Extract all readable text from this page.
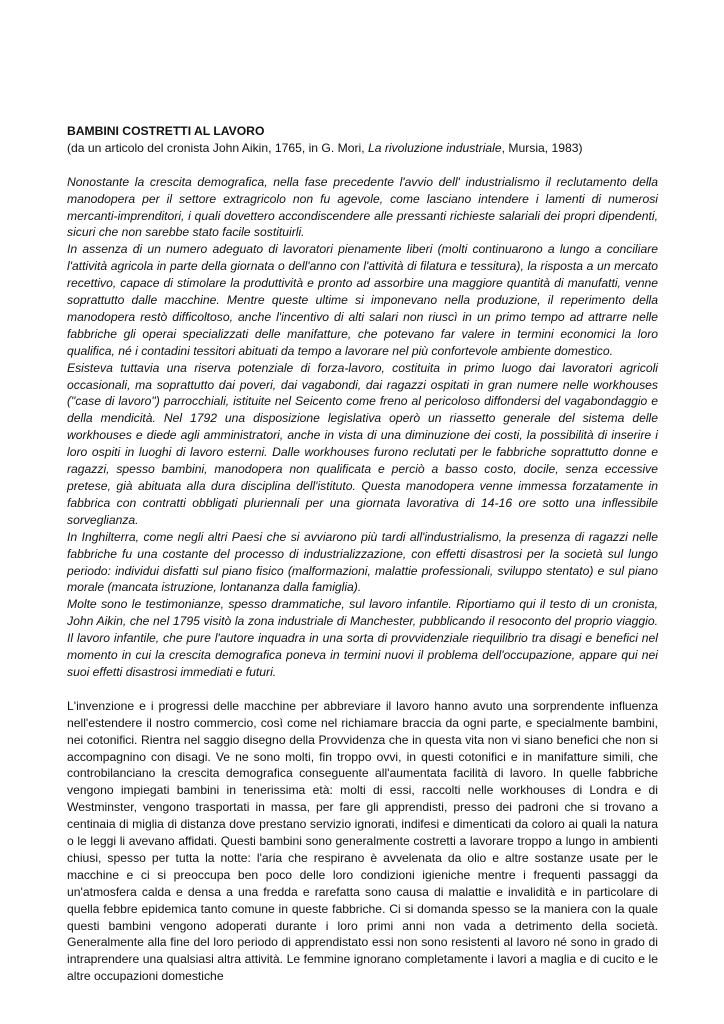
BAMBINI COSTRETTI AL LAVORO

(da un articolo del cronista John Aikin, 1765, in G. Mori, La rivoluzione industriale, Mursia, 1983)

Nonostante la crescita demografica, nella fase precedente l'avvio dell' industrialismo il reclutamento della manodopera per il settore extragricolo non fu agevole, come lasciano intendere i lamenti di numerosi mercanti-imprenditori, i quali dovettero accondiscendere alle pressanti richieste salariali dei propri dipendenti, sicuri che non sarebbe stato facile sostituirli.

In assenza di un numero adeguato di lavoratori pienamente liberi (molti continuarono a lungo a conciliare l'attività agricola in parte della giornata o dell'anno con l'attività di filatura e tessitura), la risposta a un mercato recettivo, capace di stimolare la produttività e pronto ad assorbire una maggiore quantità di manufatti, venne soprattutto dalle macchine. Mentre queste ultime si imponevano nella produzione, il reperimento della manodopera restò difficoltoso, anche l'incentivo di alti salari non riuscì in un primo tempo ad attrarre nelle fabbriche gli operai specializzati delle manifatture, che potevano far valere in termini economici la loro qualifica, né i contadini tessitori abituati da tempo a lavorare nel più confortevole ambiente domestico.

Esisteva tuttavia una riserva potenziale di forza-lavoro, costituita in primo luogo dai lavoratori agricoli occasionali, ma soprattutto dai poveri, dai vagabondi, dai ragazzi ospitati in gran numere nelle workhouses ("case di lavoro") parrocchiali, istituite nel Seicento come freno al pericoloso diffondersi del vagabondaggio e della mendicità. Nel 1792 una disposizione legislativa operò un riassetto generale del sistema delle workhouses e diede agli amministratori, anche in vista di una diminuzione dei costi, la possibilità di inserire i loro ospiti in luoghi di lavoro esterni. Dalle workhouses furono reclutati per le fabbriche soprattutto donne e ragazzi, spesso bambini, manodopera non qualificata e perciò a basso costo, docile, senza eccessive pretese, già abituata alla dura disciplina dell'istituto. Questa manodopera venne immessa forzatamente in fabbrica con contratti obbligati pluriennali per una giornata lavorativa di 14-16 ore sotto una inflessibile sorveglianza.

In Inghilterra, come negli altri Paesi che si avviarono più tardi all'industrialismo, la presenza di ragazzi nelle fabbriche fu una costante del processo di industrializzazione, con effetti disastrosi per la società sul lungo periodo: individui disfatti sul piano fisico (malformazioni, malattie professionali, sviluppo stentato) e sul piano morale (mancata istruzione, lontananza dalla famiglia).

Molte sono le testimonianze, spesso drammatiche, sul lavoro infantile. Riportiamo qui il testo di un cronista, John Aikin, che nel 1795 visitò la zona industriale di Manchester, pubblicando il resoconto del proprio viaggio. Il lavoro infantile, che pure l'autore inquadra in una sorta di provvidenziale riequilibrio tra disagi e benefici nel momento in cui la crescita demografica poneva in termini nuovi il problema dell'occupazione, appare qui nei suoi effetti disastrosi immediati e futuri.

L'invenzione e i progressi delle macchine per abbreviare il lavoro hanno avuto una sorprendente influenza nell'estendere il nostro commercio, così come nel richiamare braccia da ogni parte, e specialmente bambini, nei cotonifici. Rientra nel saggio disegno della Provvidenza che in questa vita non vi siano benefici che non si accompagnino con disagi. Ve ne sono molti, fin troppo ovvi, in questi cotonifici e in manifatture simili, che controbilanciano la crescita demografica conseguente all'aumentata facilità di lavoro. In quelle fabbriche vengono impiegati bambini in tenerissima età: molti di essi, raccolti nelle workhouses di Londra e di Westminster, vengono trasportati in massa, per fare gli apprendisti, presso dei padroni che si trovano a centinaia di miglia di distanza dove prestano servizio ignorati, indifesi e dimenticati da coloro ai quali la natura o le leggi li avevano affidati. Questi bambini sono generalmente costretti a lavorare troppo a lungo in ambienti chiusi, spesso per tutta la notte: l'aria che respirano è avvelenata da olio e altre sostanze usate per le macchine e ci si preoccupa ben poco delle loro condizioni igieniche mentre i frequenti passaggi da un'atmosfera calda e densa a una fredda e rarefatta sono causa di malattie e invalidità e in particolare di quella febbre epidemica tanto comune in queste fabbriche. Ci si domanda spesso se la maniera con la quale questi bambini vengono adoperati durante i loro primi anni non vada a detrimento della società. Generalmente alla fine del loro periodo di apprendistato essi non sono resistenti al lavoro né sono in grado di intraprendere una qualsiasi altra attività. Le femmine ignorano completamente i lavori a maglia e di cucito e le altre occupazioni domestiche
